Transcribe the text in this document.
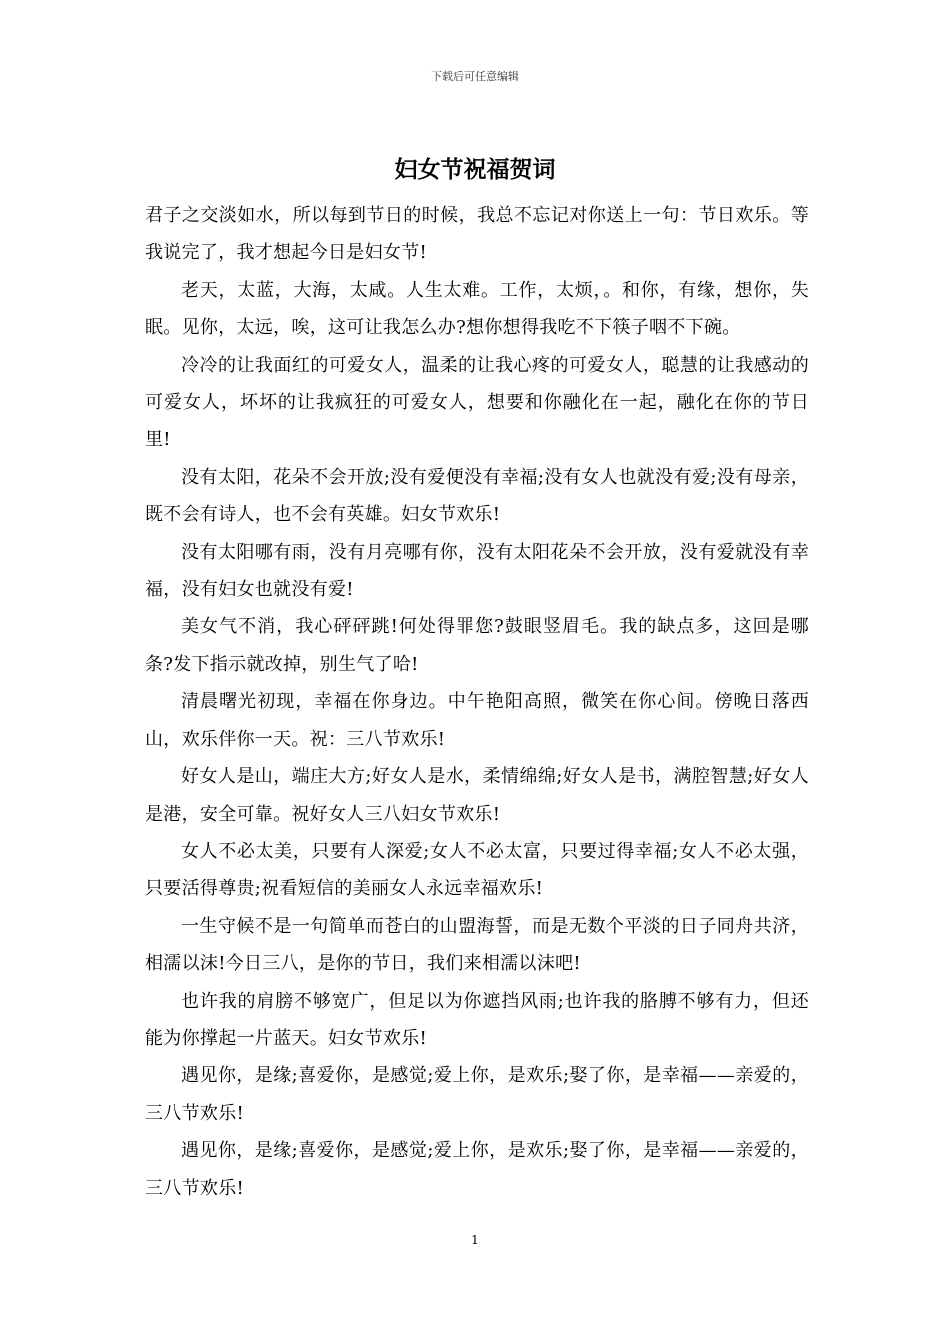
下载后可任意编辑
妇女节祝福贺词

君子之交淡如水，所以每到节日的时候，我总不忘记对你送上一句：节日欢乐。等我说完了，我才想起今日是妇女节!

老天，太蓝，大海，太咸。人生太难。工作，太烦，。和你，有缘，想你，失眠。见你，太远，唉，这可让我怎么办?想你想得我吃不下筷子咽不下碗。

冷冷的让我面红的可爱女人，温柔的让我心疼的可爱女人，聪慧的让我感动的可爱女人，坏坏的让我疯狂的可爱女人，想要和你融化在一起，融化在你的节日里!

没有太阳，花朵不会开放;没有爱便没有幸福;没有女人也就没有爱;没有母亲，既不会有诗人，也不会有英雄。妇女节欢乐!

没有太阳哪有雨，没有月亮哪有你，没有太阳花朵不会开放，没有爱就没有幸福，没有妇女也就没有爱!

美女气不消，我心砰砰跳!何处得罪您?鼓眼竖眉毛。我的缺点多，这回是哪条?发下指示就改掉，别生气了哈!

清晨曙光初现，幸福在你身边。中午艳阳高照，微笑在你心间。傍晚日落西山，欢乐伴你一天。祝：三八节欢乐!

好女人是山，端庄大方;好女人是水，柔情绵绵;好女人是书，满腔智慧;好女人是港，安全可靠。祝好女人三八妇女节欢乐!

女人不必太美，只要有人深爱;女人不必太富，只要过得幸福;女人不必太强，只要活得尊贵;祝看短信的美丽女人永远幸福欢乐!

一生守候不是一句简单而苍白的山盟海誓，而是无数个平淡的日子同舟共济，相濡以沫!今日三八，是你的节日，我们来相濡以沫吧!

也许我的肩膀不够宽广，但足以为你遮挡风雨;也许我的胳膊不够有力，但还能为你撑起一片蓝天。妇女节欢乐!

遇见你，是缘;喜爱你，是感觉;爱上你，是欢乐;娶了你，是幸福——亲爱的，三八节欢乐!

遇见你，是缘;喜爱你，是感觉;爱上你，是欢乐;娶了你，是幸福——亲爱的，三八节欢乐!

1
